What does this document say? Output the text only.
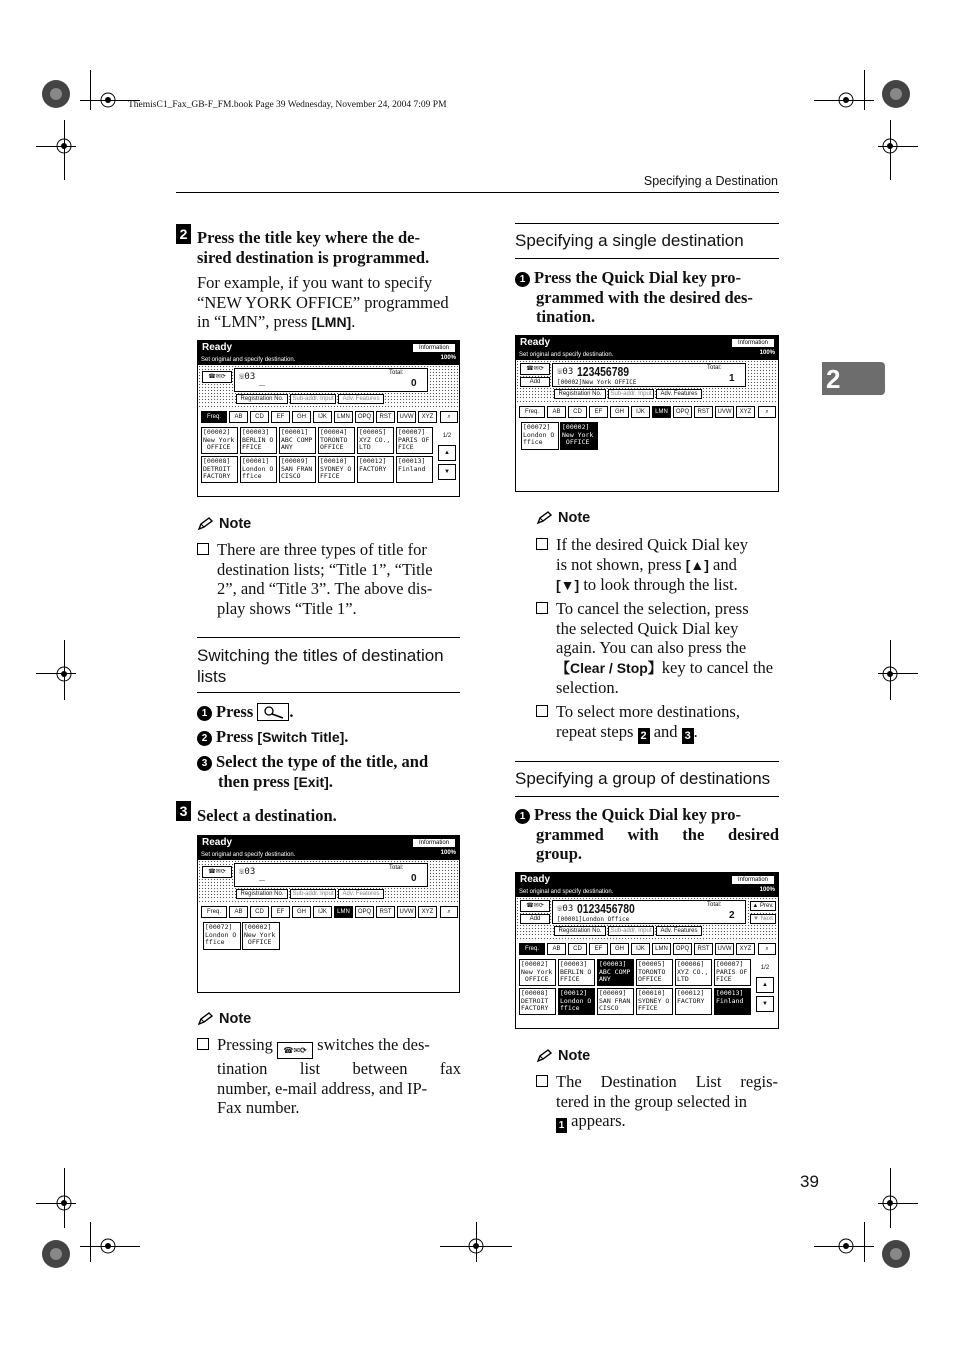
ThemisC1_Fax_GB-F_FM.book Page 39 Wednesday, November 24, 2004 7:09 PM
Specifying a Destination
2
39
2 Press the title key where the de-
sired destination is programmed.
For example, if you want to specify
“NEW YORK OFFICE” programmed
in “LMN”, press [LMN].
Ready	Information
Set original and specify destination.	100%
☎✉⟳	☏03 _
Total:
0
Registration No.	Sub-addr. Input	Adv. Features
Freq.	AB	CD	EF	GH	IJK	LMN	OPQ	RST	UVW	XYZ	⌕
[00002]
New York
OFFICE
[00003]
BERLIN O
FFICE
[00001]
ABC COMP
ANY
[00004]
TORONTO
OFFICE
[00005]
XYZ CO.,
LTD
[00007]
PARIS OF
FICE
[00008]
DETROIT
FACTORY
[00001]
London O
ffice
[00009]
SAN FRAN
CISCO
[00010]
SYDNEY O
FFICE
[00012]
FACTORY
[00013]
Finland
1/2
▲
▼
Note
There are three types of title for
destination lists; “Title 1”, “Title
2”, and “Title 3”. The above dis-
play shows “Title 1”.
Switching the titles of destination
lists
1 Press .
2 Press [Switch Title].
3 Select the type of the title, and
then press [Exit].
3 Select a destination.
Ready	Information
Set original and specify destination.	100%
☎✉⟳	☏03 _
Total:
0
Registration No.	Sub-addr. Input	Adv. Features
Freq.	AB	CD	EF	GH	IJK	LMN	OPQ	RST	UVW	XYZ	⌕
[00072]
London O
ffice
[00002]
New York
OFFICE
Note
Pressing ☎✉⟳ switches the des-
tination list between fax
number, e-mail address, and IP-
Fax number.
Specifying a single destination
1 Press the Quick Dial key pro-
grammed with the desired des-
tination.
Ready	Information
Set original and specify destination.	100%
☎✉⟳
Add
☏03 123456789
[00002]New York OFFICE
Total:
1
Registration No.	Sub-addr. Input	Adv. Features
Freq.	AB	CD	EF	GH	IJK	LMN	OPQ	RST	UVW	XYZ	⌕
[00072]
London O
ffice
[00002]
New York
OFFICE
Note
If the desired Quick Dial key
is not shown, press [▲] and
[▼] to look through the list.
To cancel the selection, press
the selected Quick Dial key
again. You can also press the
【Clear / Stop】key to cancel the
selection.
To select more destinations,
repeat steps 2 and 3 .
Specifying a group of destinations
1 Press the Quick Dial key pro-
grammed with the desired
group.
Ready	Information
Set original and specify destination.	100%
☎✉⟳
Add
☏03 0123456780
[00001]London Office
Total:
2
▲ Prev.
▼ Next
Registration No.	Sub-addr. Input	Adv. Features
Freq.	AB	CD	EF	GH	IJK	LMN	OPQ	RST	UVW	XYZ	⌕
[00002]
New York
OFFICE
[00003]
BERLIN O
FFICE
[00003]
ABC COMP
ANY
[00005]
TORONTO
OFFICE
[00006]
XYZ CO.,
LTD
[00007]
PARIS OF
FICE
[00008]
DETROIT
FACTORY
[00012]
London O
ffice
[00009]
SAN FRAN
CISCO
[00010]
SYDNEY O
FFICE
[00012]
FACTORY
[00013]
Finland
1/2
▲
▼
Note
The Destination List regis-
tered in the group selected in
1 appears.
